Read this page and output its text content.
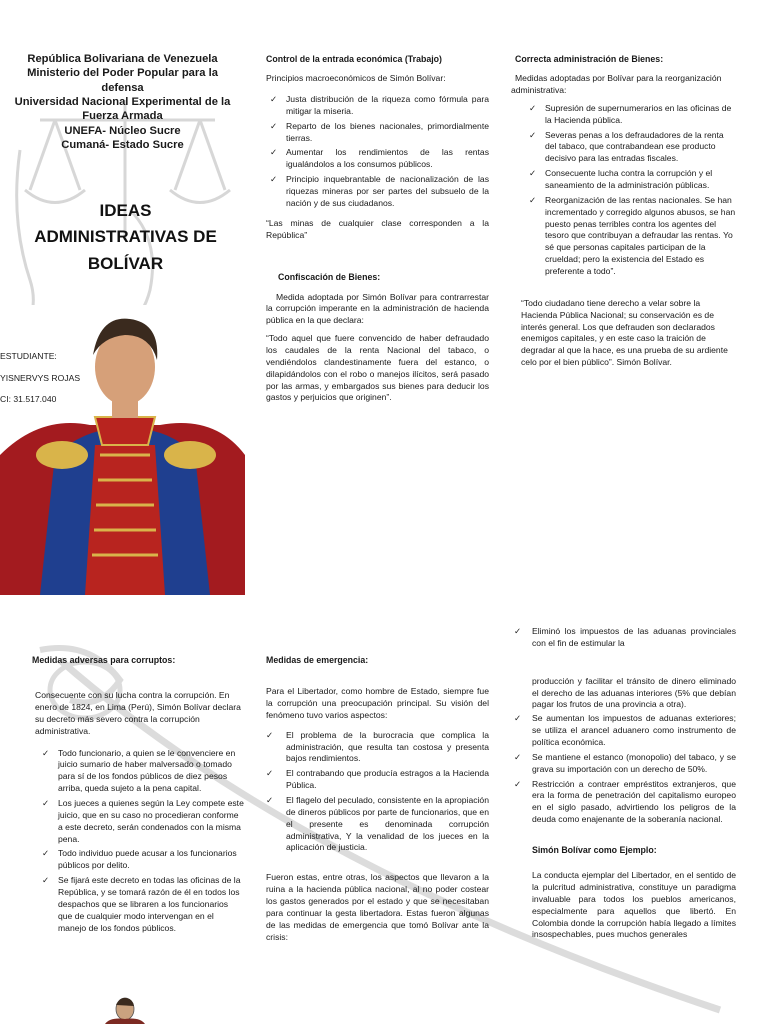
República Bolivariana de Venezuela
Ministerio del Poder Popular para la
defensa
Universidad Nacional Experimental de la
Fuerza Armada
UNEFA- Núcleo Sucre
Cumaná- Estado Sucre
IDEAS
ADMINISTRATIVAS DE
BOLÍVAR
ESTUDIANTE:
YISNERVYS ROJAS
CI: 31.517.040
Control de la entrada económica (Trabajo)

Principios macroeconómicos de Simón Bolívar:

✓ Justa distribución de la riqueza como fórmula para mitigar la miseria.
✓ Reparto de los bienes nacionales, primordialmente tierras.
✓ Aumentar los rendimientos de las rentas igualándolos a los consumos públicos.
✓ Principio inquebrantable de nacionalización de las riquezas mineras por ser partes del subsuelo de la nación y de sus ciudadanos.

“Las minas de cualquier clase corresponden a la República”

Confiscación de Bienes:

Medida adoptada por Simón Bolívar para contrarrestar la corrupción imperante en la administración de hacienda pública en la que declara:

“Todo aquel que fuere convencido de haber defraudado los caudales de la renta Nacional del tabaco, o vendiéndolos clandestinamente fuera del estanco, o dilapidándolos con el robo o manejos ilícitos, será pasado por las armas, y embargados sus bienes para deducir los gastos y perjuicios que originen”.

Correcta administración de Bienes:

Medidas adoptadas por Bolívar para la reorganización administrativa:

✓ Supresión de supernumerarios en las oficinas de la Hacienda pública.
✓ Severas penas a los defraudadores de la renta del tabaco, que contrabandean ese producto decisivo para las entradas fiscales.
✓ Consecuente lucha contra la corrupción y el saneamiento de la administración públicas.
✓ Reorganización de las rentas nacionales. Se han incrementado y corregido algunos abusos, se han puesto penas terribles contra los agentes del tesoro que contribuyan a defraudar las rentas. Yo sé que personas capitales participan de la crueldad; pero la existencia del Estado es preferente a todo”.

“Todo ciudadano tiene derecho a velar sobre la Hacienda Pública Nacional; su conservación es de interés general. Los que defrauden son declarados enemigos capitales, y en este caso la traición de degradar al que la hace, es una prueba de su ardiente celo por el bien público”. Simón Bolívar.

Medidas adversas para corruptos:

Consecuente con su lucha contra la corrupción. En enero de 1824, en Lima (Perú), Simón Bolívar declara su decreto más severo contra la corrupción administrativa.

✓ Todo funcionario, a quien se le convenciere en juicio sumario de haber malversado o tomado para sí de los fondos públicos de diez pesos arriba, queda sujeto a la pena capital.
✓ Los jueces a quienes según la Ley compete este juicio, que en su caso no procedieran conforme a este decreto, serán condenados con la misma pena.
✓ Todo individuo puede acusar a los funcionarios públicos por delito.
✓ Se fijará este decreto en todas las oficinas de la República, y se tomará razón de él en todos los despachos que se libraren a los funcionarios que de cualquier modo intervengan en el manejo de los fondos públicos.
Medidas de emergencia:

Para el Libertador, como hombre de Estado, siempre fue la corrupción una preocupación principal. Su visión del fenómeno tuvo varios aspectos:

✓ El problema de la burocracia que complica la administración, que resulta tan costosa y presenta bajos rendimientos.
✓ El contrabando que producía estragos a la Hacienda Pública.
✓ El flagelo del peculado, consistente en la apropiación de dineros públicos por parte de funcionarios, que en el presente es denominada corrupción administrativa, Y la venalidad de los jueces en la aplicación de justicia.

Fueron estas, entre otras, los aspectos que llevaron a la ruina a la hacienda pública nacional, al no poder costear los gastos generados por el estado y que se necesitaban para continuar la gesta libertadora. Estas fueron algunas de las medidas de emergencia que tomó Bolívar ante la crisis:

✓ Eliminó los impuestos de las aduanas provinciales con el fin de estimular la

producción y facilitar el tránsito de dinero eliminado el derecho de las aduanas interiores (5% que debían pagar los frutos de una provincia a otra).

✓ Se aumentan los impuestos de aduanas exteriores; se utiliza el arancel aduanero como instrumento de política económica.
✓ Se mantiene el estanco (monopolio) del tabaco, y se grava su importación con un derecho de 50%.
✓ Restricción a contraer empréstitos extranjeros, que era la forma de penetración del capitalismo europeo en el siglo pasado, advirtiendo los peligros de la deuda como enajenante de la soberanía nacional.
Simón Bolívar como Ejemplo:

La conducta ejemplar del Libertador, en el sentido de la pulcritud administrativa, constituye un paradigma invaluable para todos los pueblos americanos, especialmente para aquellos que libertó. En Colombia donde la corrupción había llegado a límites insospechables, pues muchos generales
